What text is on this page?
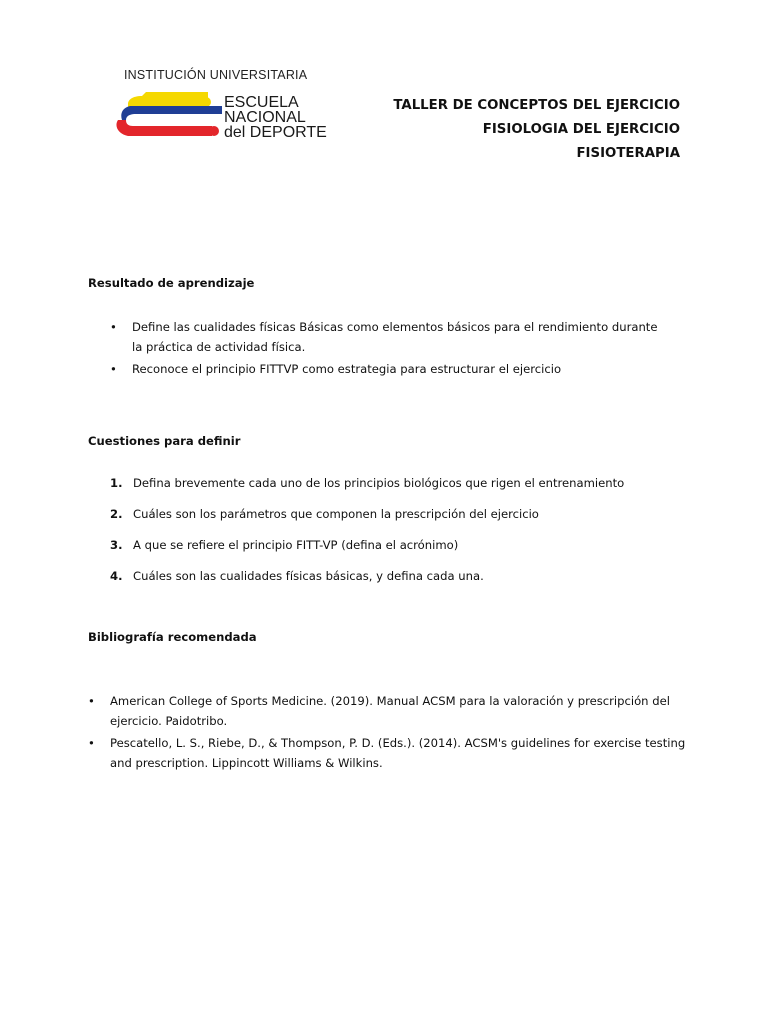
INSTITUCIÓN UNIVERSITARIA
ESCUELA
NACIONAL
del DEPORTE
TALLER DE CONCEPTOS DEL EJERCICIO
FISIOLOGIA DEL EJERCICIO
FISIOTERAPIA
Resultado de aprendizaje
• Define las cualidades físicas Básicas como elementos básicos para el rendimiento durante la práctica de actividad física.
• Reconoce el principio FITTVP como estrategia para estructurar el ejercicio
Cuestiones para definir
1. Defina brevemente cada uno de los principios biológicos que rigen el entrenamiento
2. Cuáles son los parámetros que componen la prescripción del ejercicio
3. A que se refiere el principio FITT-VP (defina el acrónimo)
4. Cuáles son las cualidades físicas básicas, y defina cada una.
Bibliografía recomendada
• American College of Sports Medicine. (2019). Manual ACSM para la valoración y prescripción del ejercicio. Paidotribo.
• Pescatello, L. S., Riebe, D., & Thompson, P. D. (Eds.). (2014). ACSM's guidelines for exercise testing and prescription. Lippincott Williams & Wilkins.
